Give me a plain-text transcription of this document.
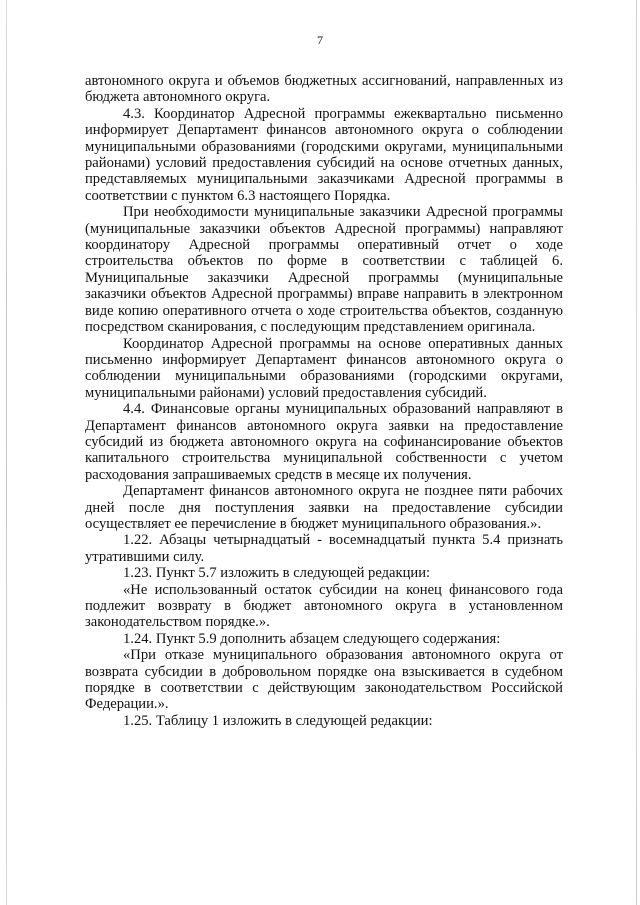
7

автономного округа и объемов бюджетных ассигнований, направленных из бюджета автономного округа.

4.3. Координатор Адресной программы ежеквартально письменно информирует Департамент финансов автономного округа о соблюдении муниципальными образованиями (городскими округами, муниципальными районами) условий предоставления субсидий на основе отчетных данных, представляемых муниципальными заказчиками Адресной программы в соответствии с пунктом 6.3 настоящего Порядка.

При необходимости муниципальные заказчики Адресной программы (муниципальные заказчики объектов Адресной программы) направляют координатору Адресной программы оперативный отчет о ходе строительства объектов по форме в соответствии с таблицей 6. Муниципальные заказчики Адресной программы (муниципальные заказчики объектов Адресной программы) вправе направить в электронном виде копию оперативного отчета о ходе строительства объектов, созданную посредством сканирования, с последующим представлением оригинала.

Координатор Адресной программы на основе оперативных данных письменно информирует Департамент финансов автономного округа о соблюдении муниципальными образованиями (городскими округами, муниципальными районами) условий предоставления субсидий.

4.4. Финансовые органы муниципальных образований направляют в Департамент финансов автономного округа заявки на предоставление субсидий из бюджета автономного округа на софинансирование объектов капитального строительства муниципальной собственности с учетом расходования запрашиваемых средств в месяце их получения.

Департамент финансов автономного округа не позднее пяти рабочих дней после дня поступления заявки на предоставление субсидии осуществляет ее перечисление в бюджет муниципального образования.».

1.22. Абзацы четырнадцатый - восемнадцатый пункта 5.4 признать утратившими силу.

1.23. Пункт 5.7 изложить в следующей редакции:

«Не использованный остаток субсидии на конец финансового года подлежит возврату в бюджет автономного округа в установленном законодательством порядке.».

1.24. Пункт 5.9 дополнить абзацем следующего содержания:

«При отказе муниципального образования автономного округа от возврата субсидии в добровольном порядке она взыскивается в судебном порядке в соответствии с действующим законодательством Российской Федерации.».

1.25. Таблицу 1 изложить в следующей редакции:
